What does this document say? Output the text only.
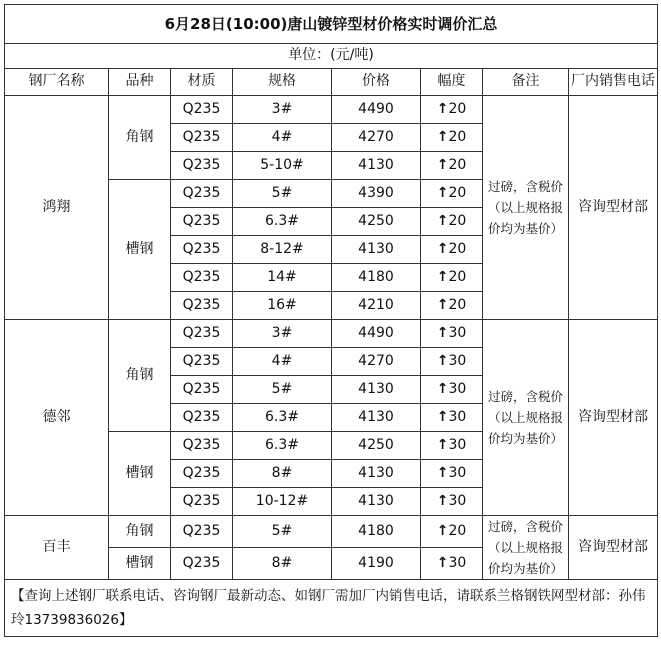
6月28日(10:00)唐山镀锌型材价格实时调价汇总							
单位：(元/吨)							
钢厂名称	品种	材质	规格	价格	幅度	备注	厂内销售电话
鸿翔	角钢	Q235	3#	4490	↑20	过磅，含税价（以上规格报价均为基价）	咨询型材部
		Q235	4#	4270	↑20		
		Q235	5-10#	4130	↑20		
	槽钢	Q235	5#	4390	↑20		
		Q235	6.3#	4250	↑20		
		Q235	8-12#	4130	↑20		
		Q235	14#	4180	↑20		
		Q235	16#	4210	↑20		
德邻	角钢	Q235	3#	4490	↑30	过磅，含税价（以上规格报价均为基价）	咨询型材部
		Q235	4#	4270	↑30		
		Q235	5#	4130	↑30		
		Q235	6.3#	4130	↑30		
	槽钢	Q235	6.3#	4250	↑30		
		Q235	8#	4130	↑30		
		Q235	10-12#	4130	↑30		
百丰	角钢	Q235	5#	4180	↑20	过磅，含税价（以上规格报价均为基价）	咨询型材部
	槽钢	Q235	8#	4190	↑30		
【查询上述钢厂联系电话、咨询钢厂最新动态、如钢厂需加厂内销售电话，请联系兰格钢铁网型材部：孙伟玲13739836026】							
